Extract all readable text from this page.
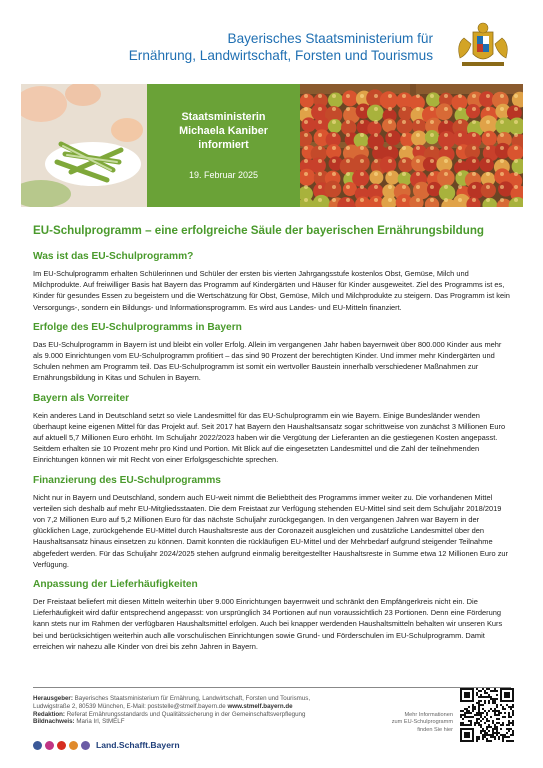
Bayerisches Staatsministerium für
Ernährung, Landwirtschaft, Forsten und Tourismus
Staatsministerin
Michaela Kaniber
informiert
19. Februar 2025
EU-Schulprogramm – eine erfolgreiche Säule der bayerischen Ernährungsbildung
Was ist das EU-Schulprogramm?

Im EU-Schulprogramm erhalten Schülerinnen und Schüler der ersten bis vierten Jahrgangsstufe kostenlos Obst, Gemüse, Milch und Milchprodukte. Auf freiwilliger Basis hat Bayern das Programm auf Kindergärten und Häuser für Kinder ausgeweitet. Ziel des Programms ist es, Kinder für gesundes Essen zu begeistern und die Wertschätzung für Obst, Gemüse, Milch und Milchprodukte zu steigern. Das Programm ist kein Versorgungs-, sondern ein Bildungs- und Informationsprogramm. Es wird aus Landes- und EU-Mitteln finanziert.

Erfolge des EU-Schulprogramms in Bayern

Das EU-Schulprogramm in Bayern ist und bleibt ein voller Erfolg. Allein im vergangenen Jahr haben bayernweit über 800.000 Kinder aus mehr als 9.000 Einrichtungen vom EU-Schulprogramm profitiert – das sind 90 Prozent der berechtigten Kinder. Und immer mehr Kindergärten und Schulen nehmen am Programm teil. Das EU-Schulprogramm ist somit ein wertvoller Baustein innerhalb verschiedener Maßnahmen zur Ernährungsbildung in Kitas und Schulen in Bayern.

Bayern als Vorreiter

Kein anderes Land in Deutschland setzt so viele Landesmittel für das EU-Schulprogramm ein wie Bayern. Einige Bundesländer wenden überhaupt keine eigenen Mittel für das Projekt auf. Seit 2017 hat Bayern den Haushaltsansatz sogar schrittweise von zunächst 3 Millionen Euro auf aktuell 5,7 Millionen Euro erhöht. Im Schuljahr 2022/2023 haben wir die Vergütung der Lieferanten an die gestiegenen Kosten angepasst. Seitdem erhalten sie 10 Prozent mehr pro Kind und Portion. Mit Blick auf die eingesetzten Landesmittel und die Zahl der teilnehmenden Einrichtungen können wir mit Recht von einer Erfolgsgeschichte sprechen.

Finanzierung des EU-Schulprogramms

Nicht nur in Bayern und Deutschland, sondern auch EU-weit nimmt die Beliebtheit des Programms immer weiter zu. Die vorhandenen Mittel verteilen sich deshalb auf mehr EU-Mitgliedsstaaten. Die dem Freistaat zur Verfügung stehenden EU-Mittel sind seit dem Schuljahr 2018/2019 von 7,2 Millionen Euro auf 5,2 Millionen Euro für das nächste Schuljahr zurückgegangen. In den vergangenen Jahren war Bayern in der glücklichen Lage, zurückgehende EU-Mittel durch Haushaltsreste aus der Coronazeit ausgleichen und zusätzliche Landesmittel über den Haushaltsansatz hinaus einsetzen zu können. Damit konnten die rückläufigen EU-Mittel und der Mehrbedarf aufgrund steigender Teilnahme abgefedert werden. Für das Schuljahr 2024/2025 stehen aufgrund einmalig bereitgestellter Haushaltsreste in Summe etwa 12 Millionen Euro zur Verfügung.

Anpassung der Lieferhäufigkeiten

Der Freistaat beliefert mit diesen Mitteln weiterhin über 9.000 Einrichtungen bayernweit und schränkt den Empfängerkreis nicht ein. Die Lieferhäufigkeit wird dafür entsprechend angepasst: von ursprünglich 34 Portionen auf nun voraussichtlich 23 Portionen. Denn eine Förderung kann stets nur im Rahmen der verfügbaren Haushaltsmittel erfolgen. Auch bei knapper werdenden Haushaltsmitteln behalten wir unseren Kurs bei und berücksichtigen weiterhin auch alle vorschulischen Einrichtungen sowie Grund- und Förderschulen im EU-Schulprogramm. Damit erreichen wir nahezu alle Kinder von drei bis zehn Jahren in Bayern.

Herausgeber: Bayerisches Staatsministerium für Ernährung, Landwirtschaft, Forsten und Tourismus,
Ludwigstraße 2, 80539 München, E-Mail: poststelle@stmelf.bayern.de www.stmelf.bayern.de
Redaktion: Referat Ernährungsstandards und Qualitätssicherung in der Gemeinschaftsverpflegung
Bildnachweis: Maria Irl, StMELF
Land.Schafft.Bayern
Mehr Informationen
zum EU-Schulprogramm
finden Sie hier
